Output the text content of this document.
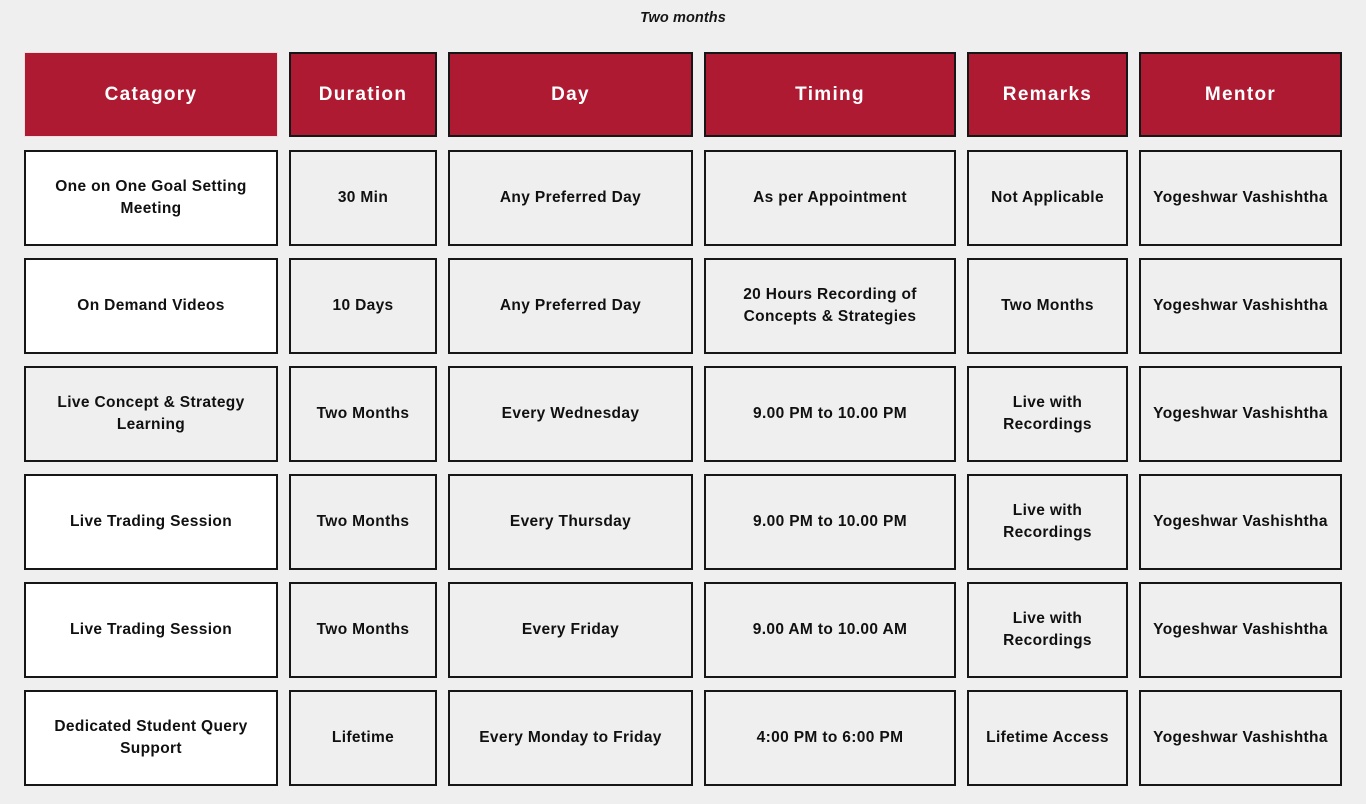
Two months
Catagory	Duration	Day	Timing	Remarks	Mentor

One on One Goal Setting Meeting	30 Min	Any Preferred Day	As per Appointment	Not Applicable	Yogeshwar Vashishtha

On Demand Videos	10 Days	Any Preferred Day	20 Hours Recording of Concepts & Strategies	Two Months	Yogeshwar Vashishtha

Live Concept & Strategy Learning	Two Months	Every Wednesday	9.00 PM to 10.00 PM	Live with Recordings	Yogeshwar Vashishtha

Live Trading Session	Two Months	Every Thursday	9.00 PM to 10.00 PM	Live with Recordings	Yogeshwar Vashishtha

Live Trading Session	Two Months	Every Friday	9.00 AM to 10.00 AM	Live with Recordings	Yogeshwar Vashishtha

Dedicated Student Query Support	Lifetime	Every Monday to Friday	4:00 PM to 6:00 PM	Lifetime Access	Yogeshwar Vashishtha
